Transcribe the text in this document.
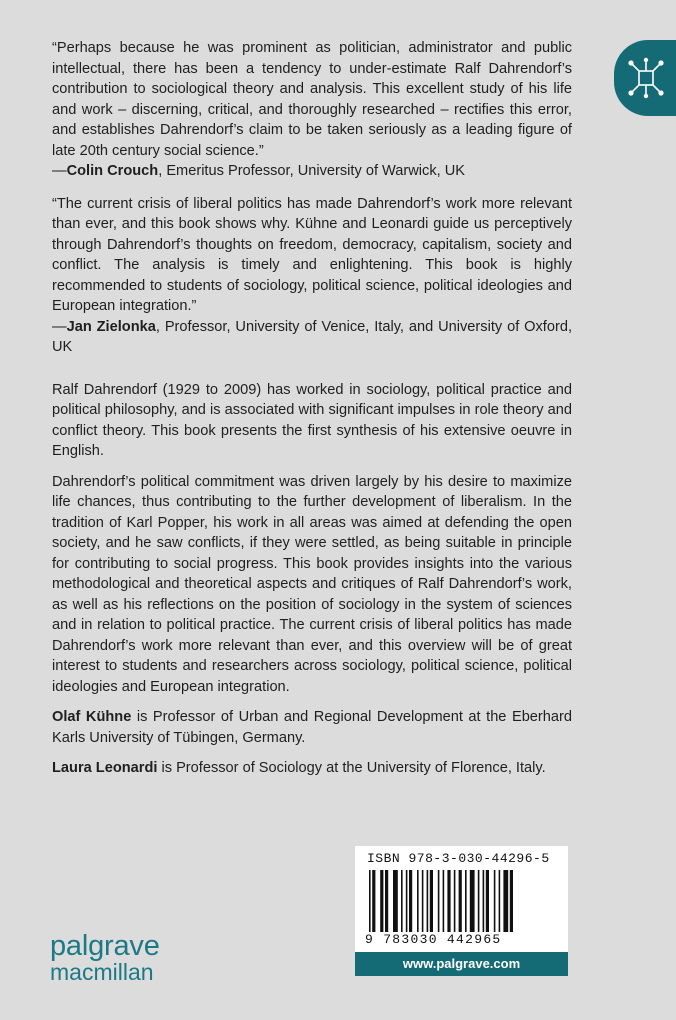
“Perhaps because he was prominent as politician, administrator and public intellectual, there has been a tendency to under-estimate Ralf Dahrendorf’s contribution to sociological theory and analysis. This excellent study of his life and work – discerning, critical, and thoroughly researched – rectifies this error, and establishes Dahrendorf’s claim to be taken seriously as a leading figure of late 20th century social science.”

—Colin Crouch, Emeritus Professor, University of Warwick, UK

“The current crisis of liberal politics has made Dahrendorf’s work more relevant than ever, and this book shows why. Kühne and Leonardi guide us perceptively through Dahrendorf’s thoughts on freedom, democracy, capitalism, society and conflict. The analysis is timely and enlightening. This book is highly recommended to students of sociology, political science, political ideologies and European integration.”

—Jan Zielonka, Professor, University of Venice, Italy, and University of Oxford, UK

Ralf Dahrendorf (1929 to 2009) has worked in sociology, political practice and political philosophy, and is associated with significant impulses in role theory and conflict theory. This book presents the first synthesis of his extensive oeuvre in English.

Dahrendorf’s political commitment was driven largely by his desire to maximize life chances, thus contributing to the further development of liberalism. In the tradition of Karl Popper, his work in all areas was aimed at defending the open society, and he saw conflicts, if they were settled, as being suitable in principle for contributing to social progress. This book provides insights into the various methodological and theoretical aspects and critiques of Ralf Dahrendorf’s work, as well as his reflections on the position of sociology in the system of sciences and in relation to political practice. The current crisis of liberal politics has made Dahrendorf’s work more relevant than ever, and this overview will be of great interest to students and researchers across sociology, political science, political ideologies and European integration.

Olaf Kühne is Professor of Urban and Regional Development at the Eberhard Karls University of Tübingen, Germany.

Laura Leonardi is Professor of Sociology at the University of Florence, Italy.

palgrave
macmillan
ISBN 978-3-030-44296-5
9 783030 442965
www.palgrave.com
